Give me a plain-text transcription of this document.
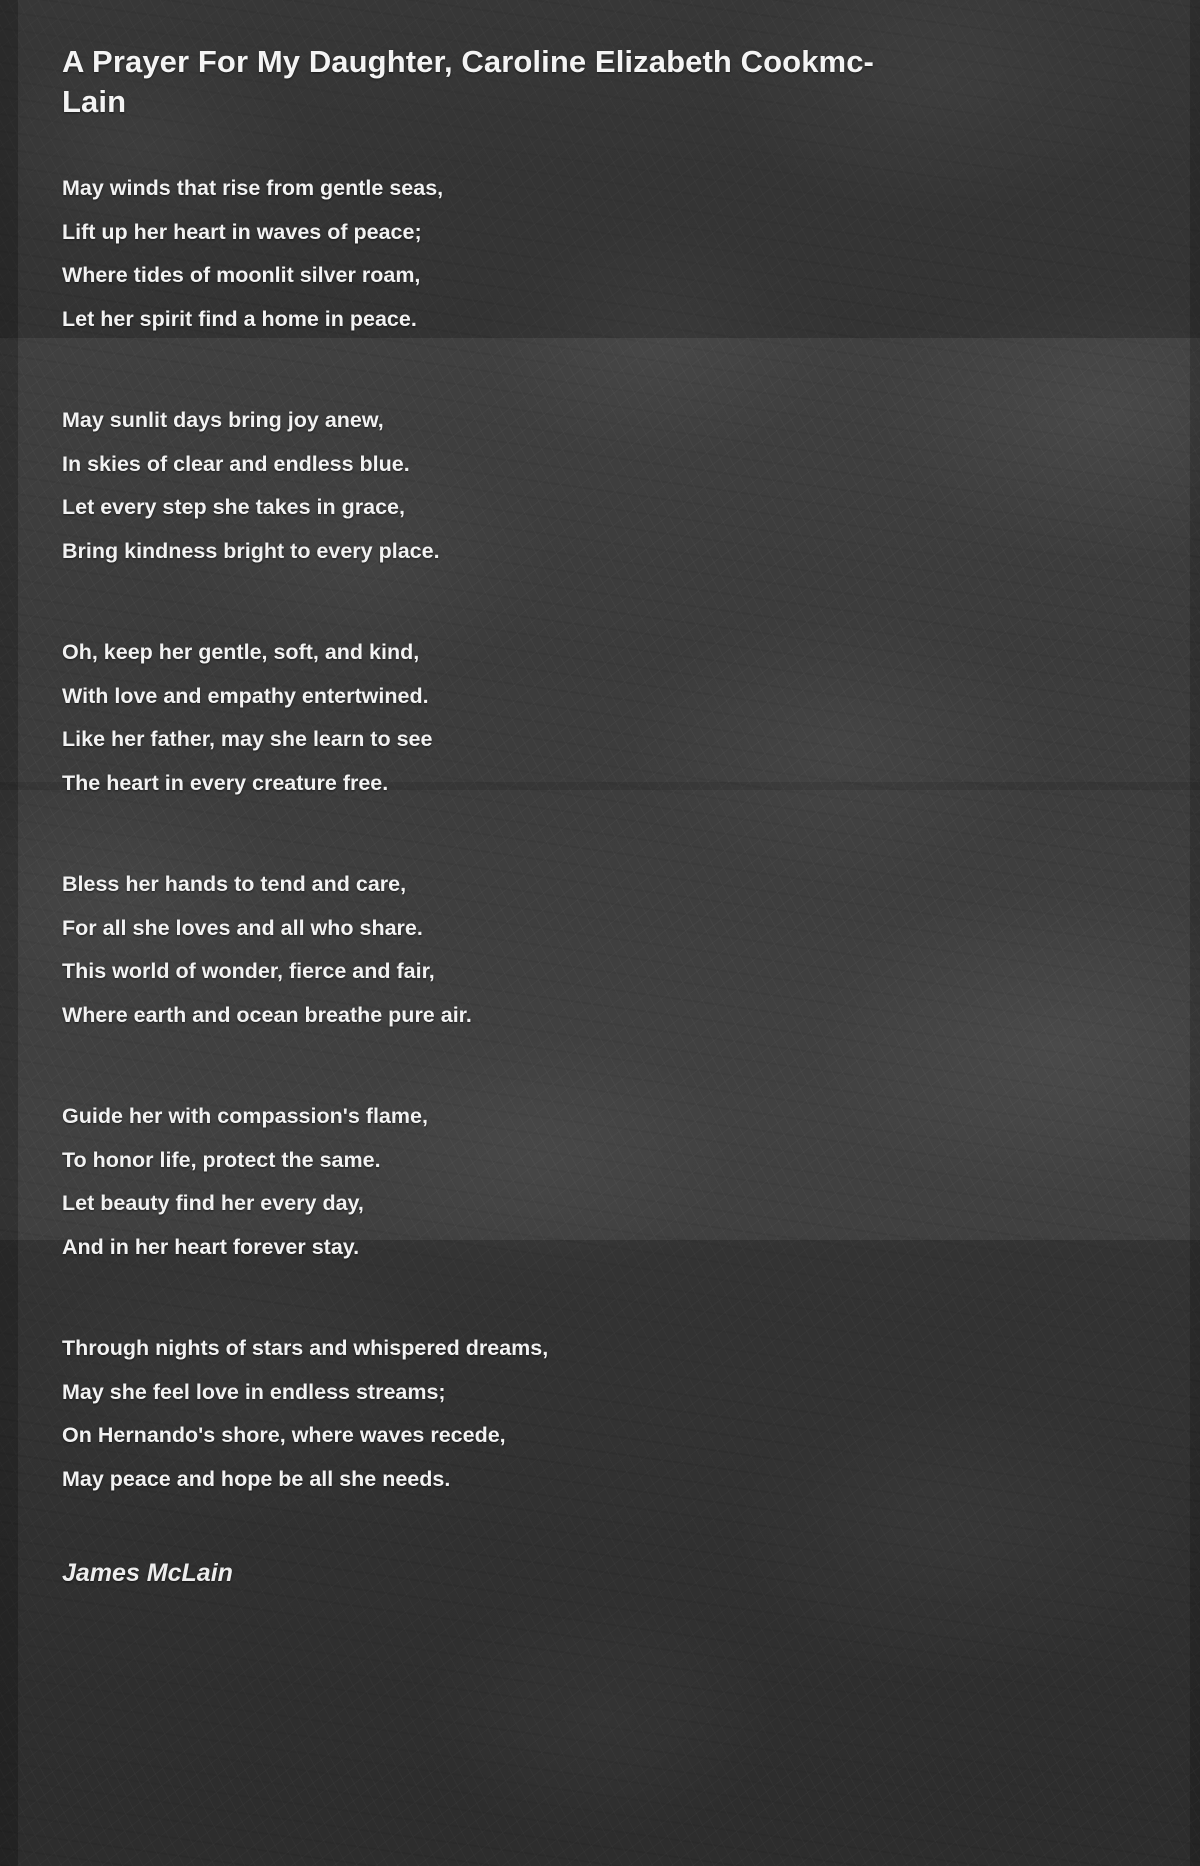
A Prayer For My Daughter, Caroline Elizabeth Cookmc- Lain
May winds that rise from gentle seas,
Lift up her heart in waves of peace;
Where tides of moonlit silver roam,
Let her spirit find a home in peace.
May sunlit days bring joy anew,
In skies of clear and endless blue.
Let every step she takes in grace,
Bring kindness bright to every place.
Oh, keep her gentle, soft, and kind,
With love and empathy entertwined.
Like her father, may she learn to see
The heart in every creature free.
Bless her hands to tend and care,
For all she loves and all who share.
This world of wonder, fierce and fair,
Where earth and ocean breathe pure air.
Guide her with compassion's flame,
To honor life, protect the same.
Let beauty find her every day,
And in her heart forever stay.
Through nights of stars and whispered dreams,
May she feel love in endless streams;
On Hernando's shore, where waves recede,
May peace and hope be all she needs.
James McLain
